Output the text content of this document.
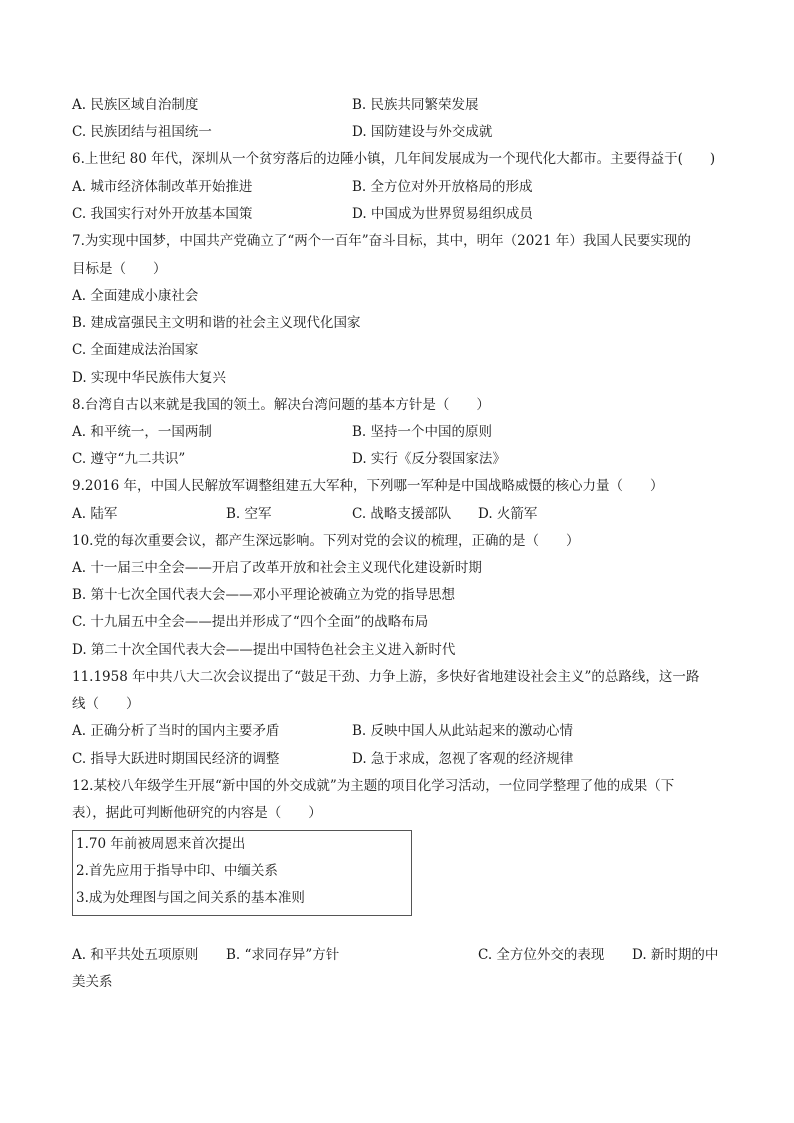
A. 民族区域自治制度	B. 民族共同繁荣发展
C. 民族团结与祖国统一	D. 国防建设与外交成就
6.上世纪 80 年代，深圳从一个贫穷落后的边陲小镇，几年间发展成为一个现代化大都市。主要得益于(　　)
A. 城市经济体制改革开始推进	B. 全方位对外开放格局的形成
C. 我国实行对外开放基本国策	D. 中国成为世界贸易组织成员
7.为实现中国梦，中国共产党确立了“两个一百年”奋斗目标，其中，明年（2021 年）我国人民要实现的
目标是（　　）
A. 全面建成小康社会
B. 建成富强民主文明和谐的社会主义现代化国家
C. 全面建成法治国家
D. 实现中华民族伟大复兴
8.台湾自古以来就是我国的领土。解决台湾问题的基本方针是（　　）
A. 和平统一，一国两制	B. 坚持一个中国的原则
C. 遵守“九二共识”	D. 实行《反分裂国家法》
9.2016 年，中国人民解放军调整组建五大军种，下列哪一军种是中国战略威慑的核心力量（　　）
A. 陆军	B. 空军	C. 战略支援部队 D. 火箭军
10.党的每次重要会议，都产生深远影响。下列对党的会议的梳理，正确的是（　　）
A. 十一届三中全会——开启了改革开放和社会主义现代化建设新时期
B. 第十七次全国代表大会——邓小平理论被确立为党的指导思想
C. 十九届五中全会——提出并形成了“四个全面”的战略布局
D. 第二十次全国代表大会——提出中国特色社会主义进入新时代
11.1958 年中共八大二次会议提出了“鼓足干劲、力争上游，多快好省地建设社会主义”的总路线，这一路
线（　　）
A. 正确分析了当时的国内主要矛盾	B. 反映中国人从此站起来的激动心情
C. 指导大跃进时期国民经济的调整	D. 急于求成，忽视了客观的经济规律
12.某校八年级学生开展“新中国的外交成就”为主题的项目化学习活动，一位同学整理了他的成果（下
表），据此可判断他研究的内容是（　　）
1.70 年前被周恩来首次提出
2.首先应用于指导中印、中缅关系
3.成为处理图与国之间关系的基本准则
A. 和平共处五项原则 B. “求同存异”方针	C. 全方位外交的表现 D. 新时期的中
美关系
